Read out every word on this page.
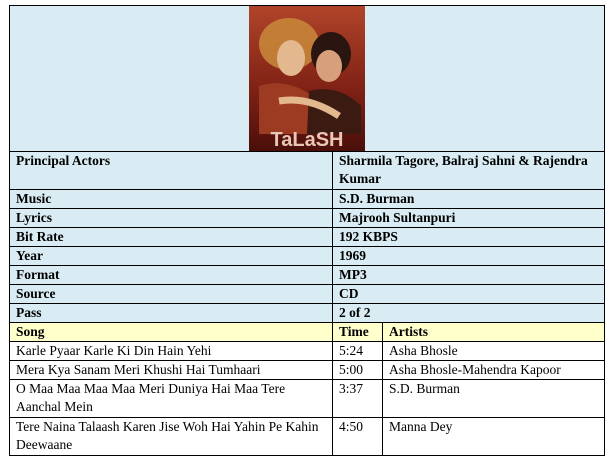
TaLaSH		

Principal Actors	Sharmila Tagore, Balraj Sahni & Rajendra Kumar	
Music	S.D. Burman	
Lyrics	Majrooh Sultanpuri	
Bit Rate	192 KBPS	
Year	1969	
Format	MP3	
Source	CD	
Pass	2 of 2	
Song	Time	Artists
Karle Pyaar Karle Ki Din Hain Yehi	5:24	Asha Bhosle
Mera Kya Sanam Meri Khushi Hai Tumhaari	5:00	Asha Bhosle-Mahendra Kapoor
O Maa Maa Maa Maa Meri Duniya Hai Maa Tere Aanchal Mein	3:37	S.D. Burman
Tere Naina Talaash Karen Jise Woh Hai Yahin Pe Kahin Deewaane	4:50	Manna Dey
